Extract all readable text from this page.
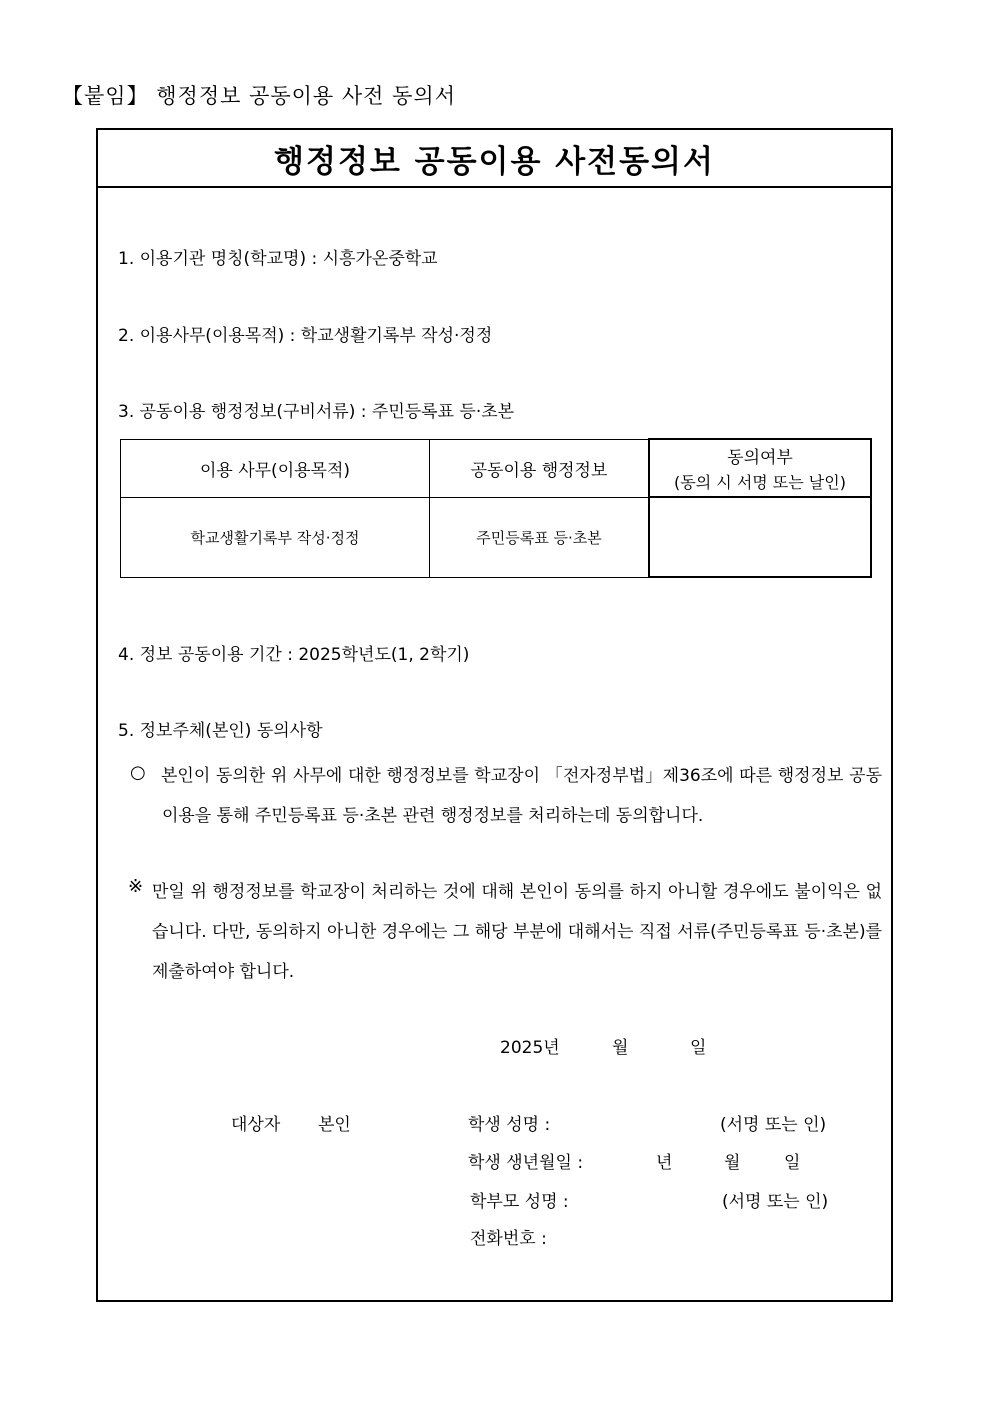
【붙임】 행정정보 공동이용 사전 동의서
행정정보 공동이용 사전동의서
1. 이용기관 명칭(학교명) : 시흥가온중학교
2. 이용사무(이용목적) : 학교생활기록부 작성·정정
3. 공동이용 행정정보(구비서류) : 주민등록표 등·초본
이용 사무(이용목적)	공동이용 행정정보	동의여부
(동의 시 서명 또는 날인)

학교생활기록부 작성·정정	주민등록표 등·초본	
4. 정보 공동이용 기간 : 2025학년도(1, 2학기)
5. 정보주체(본인) 동의사항
○ 본인이 동의한 위 사무에 대한 행정정보를 학교장이 「전자정부법」제36조에 따른 행정정보 공동이용을 통해 주민등록표 등·초본 관련 행정정보를 처리하는데 동의합니다.
※ 만일 위 행정정보를 학교장이 처리하는 것에 대해 본인이 동의를 하지 아니할 경우에도 불이익은 없습니다. 다만, 동의하지 아니한 경우에는 그 해당 부분에 대해서는 직접 서류(주민등록표 등·초본)를 제출하여야 합니다.
2025년	월	일
대상자 본인	학생 성명 :	(서명 또는 인)
학생 생년월일 :	년	월	일
학부모 성명 :	(서명 또는 인)
전화번호 :
